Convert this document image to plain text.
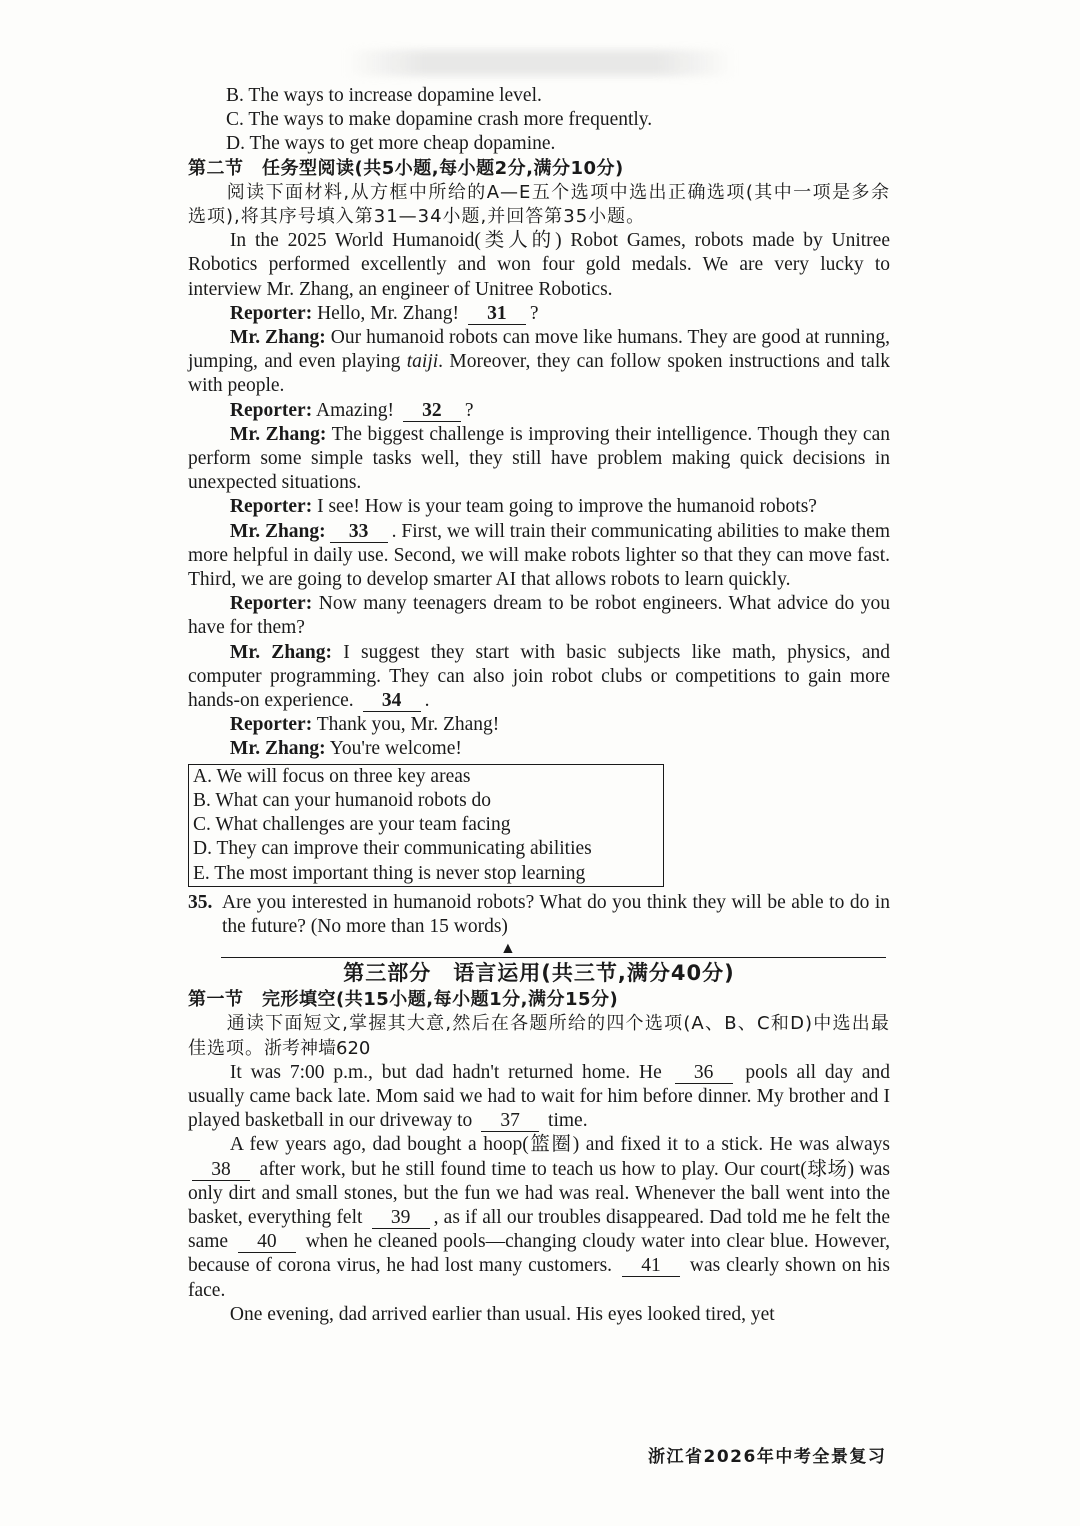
B. The ways to increase dopamine level.
C. The ways to make dopamine crash more frequently.
D. The ways to get more cheap dopamine.
第二节　任务型阅读(共5小题,每小题2分,满分10分)
阅读下面材料,从方框中所给的A—E五个选项中选出正确选项(其中一项是多余选项),将其序号填入第31—34小题,并回答第35小题。
In the 2025 World Humanoid(类人的) Robot Games, robots made by Unitree Robotics performed excellently and won four gold medals. We are very lucky to interview Mr. Zhang, an engineer of Unitree Robotics.
Reporter: Hello, Mr. Zhang! 31 ?
Mr. Zhang: Our humanoid robots can move like humans. They are good at running, jumping, and even playing taiji. Moreover, they can follow spoken instructions and talk with people.
Reporter: Amazing! 32 ?
Mr. Zhang: The biggest challenge is improving their intelligence. Though they can perform some simple tasks well, they still have problem making quick decisions in unexpected situations.
Reporter: I see! How is your team going to improve the humanoid robots?
Mr. Zhang: 33 . First, we will train their communicating abilities to make them more helpful in daily use. Second, we will make robots lighter so that they can move fast. Third, we are going to develop smarter AI that allows robots to learn quickly.
Reporter: Now many teenagers dream to be robot engineers. What advice do you have for them?
Mr. Zhang: I suggest they start with basic subjects like math, physics, and computer programming. They can also join robot clubs or competitions to gain more hands-on experience. 34 .
Reporter: Thank you, Mr. Zhang!
Mr. Zhang: You're welcome!
A. We will focus on three key areas
B. What can your humanoid robots do
C. What challenges are your team facing
D. They can improve their communicating abilities
E. The most important thing is never stop learning
35. Are you interested in humanoid robots? What do you think they will be able to do in the future? (No more than 15 words)
▲
第三部分　语言运用(共三节,满分40分)
第一节　完形填空(共15小题,每小题1分,满分15分)
通读下面短文,掌握其大意,然后在各题所给的四个选项(A、B、C和D)中选出最佳选项。浙考神墙620
It was 7:00 p.m., but dad hadn't returned home. He 36 pools all day and usually came back late. Mom said we had to wait for him before dinner. My brother and I played basketball in our driveway to 37 time.
A few years ago, dad bought a hoop(篮圈) and fixed it to a stick. He was always 38 after work, but he still found time to teach us how to play. Our court(球场) was only dirt and small stones, but the fun we had was real. Whenever the ball went into the basket, everything felt 39 , as if all our troubles disappeared. Dad told me he felt the same 40 when he cleaned pools—changing cloudy water into clear blue. However, because of corona virus, he had lost many customers. 41 was clearly shown on his face.
One evening, dad arrived earlier than usual. His eyes looked tired, yet
浙江省2026年中考全景复习
